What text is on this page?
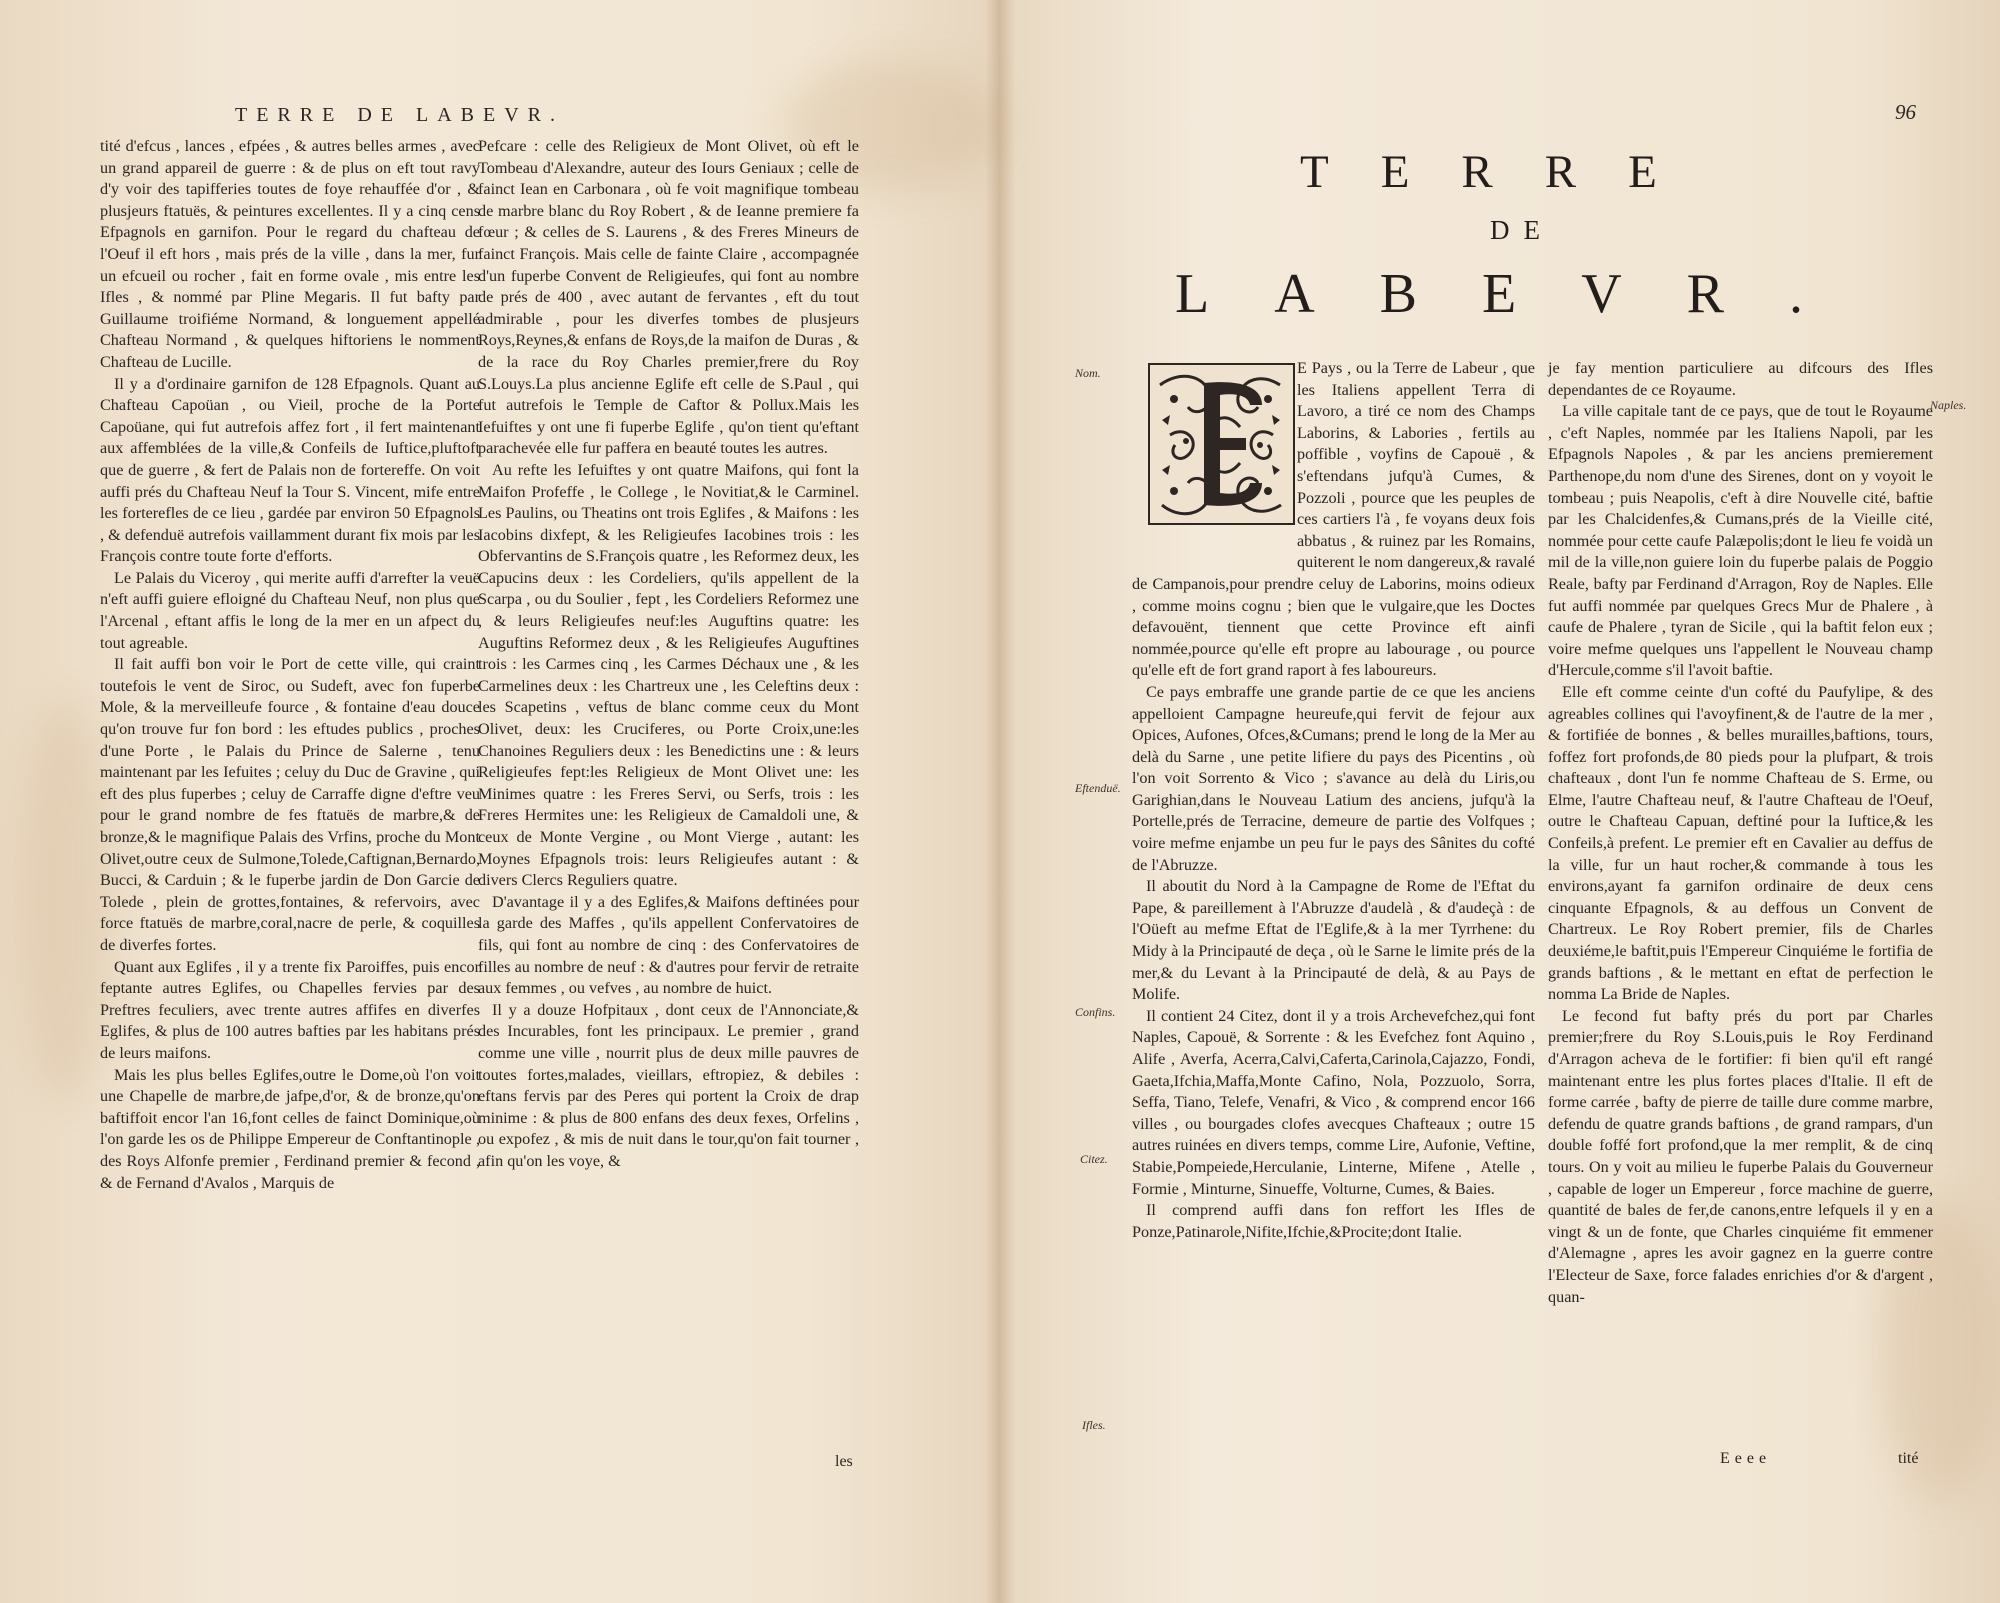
TERRE DE LABEVR.

tité d'efcus , lances , efpées , & autres belles armes , avec un grand appareil de guerre : & de plus on eft tout ravy d'y voir des tapifferies toutes de foye rehauffée d'or , & plusjeurs ftatuës, & peintures excellentes. Il y a cinq cens Efpagnols en garnifon. Pour le regard du chafteau de l'Oeuf il eft hors , mais prés de la ville , dans la mer, fur un efcueil ou rocher , fait en forme ovale , mis entre les Ifles , & nommé par Pline Megaris. Il fut bafty par Guillaume troifiéme Normand, & longuement appellé Chafteau Normand , & quelques hiftoriens le nomment Chafteau de Lucille.

Il y a d'ordinaire garnifon de 128 Efpagnols. Quant au Chafteau Capoüan , ou Vieil, proche de la Porte Capoüane, qui fut autrefois affez fort , il fert maintenant aux affemblées de la ville,& Confeils de Iuftice,pluftoft que de guerre , & fert de Palais non de fortereffe. On voit auffi prés du Chafteau Neuf la Tour S. Vincent, mife entre les forterefles de ce lieu , gardée par environ 50 Efpagnols , & defenduë autrefois vaillamment durant fix mois par les François contre toute forte d'efforts.

Le Palais du Viceroy , qui merite auffi d'arrefter la veuë n'eft auffi guiere efloigné du Chafteau Neuf, non plus que l'Arcenal , eftant affis le long de la mer en un afpect du tout agreable.

Il fait auffi bon voir le Port de cette ville, qui craint toutefois le vent de Siroc, ou Sudeft, avec fon fuperbe Mole, & la merveilleufe fource , & fontaine d'eau douce qu'on trouve fur fon bord : les eftudes publics , proches d'une Porte , le Palais du Prince de Salerne , tenu maintenant par les Iefuites ; celuy du Duc de Gravine , qui eft des plus fuperbes ; celuy de Carraffe digne d'eftre veu pour le grand nombre de fes ftatuës de marbre,& de bronze,& le magnifique Palais des Vrfins, proche du Mont Olivet,outre ceux de Sulmone,Tolede,Caftignan,Bernardo, Bucci, & Carduin ; & le fuperbe jardin de Don Garcie de Tolede , plein de grottes,fontaines, & refervoirs, avec force ftatuës de marbre,coral,nacre de perle, & coquilles de diverfes fortes.

Quant aux Eglifes , il y a trente fix Paroiffes, puis encor feptante autres Eglifes, ou Chapelles fervies par des Preftres feculiers, avec trente autres affifes en diverfes Eglifes, & plus de 100 autres bafties par les habitans prés de leurs maifons.

Mais les plus belles Eglifes,outre le Dome,où l'on voit une Chapelle de marbre,de jafpe,d'or, & de bronze,qu'on baftiffoit encor l'an 16,font celles de fainct Dominique,où l'on garde les os de Philippe Empereur de Conftantinople , des Roys Alfonfe premier , Ferdinand premier & fecond , & de Fernand d'Avalos , Marquis de

Pefcare : celle des Religieux de Mont Olivet, où eft le Tombeau d'Alexandre, auteur des Iours Geniaux ; celle de fainct Iean en Carbonara , où fe voit magnifique tombeau de marbre blanc du Roy Robert , & de Ieanne premiere fa fœur ; & celles de S. Laurens , & des Freres Mineurs de fainct François. Mais celle de fainte Claire , accompagnée d'un fuperbe Convent de Religieufes, qui font au nombre de prés de 400 , avec autant de fervantes , eft du tout admirable , pour les diverfes tombes de plusjeurs Roys,Reynes,& enfans de Roys,de la maifon de Duras , & de la race du Roy Charles premier,frere du Roy S.Louys.La plus ancienne Eglife eft celle de S.Paul , qui fut autrefois le Temple de Caftor & Pollux.Mais les Iefuiftes y ont une fi fuperbe Eglife , qu'on tient qu'eftant parachevée elle fur paffera en beauté toutes les autres.

Au refte les Iefuiftes y ont quatre Maifons, qui font la Maifon Profeffe , le College , le Novitiat,& le Carminel. Les Paulins, ou Theatins ont trois Eglifes , & Maifons : les Iacobins dixfept, & les Religieufes Iacobines trois : les Obfervantins de S.François quatre , les Reformez deux, les Capucins deux : les Cordeliers, qu'ils appellent de la Scarpa , ou du Soulier , fept , les Cordeliers Reformez une , & leurs Religieufes neuf:les Auguftins quatre: les Auguftins Reformez deux , & les Religieufes Auguftines trois : les Carmes cinq , les Carmes Déchaux une , & les Carmelines deux : les Chartreux une , les Celeftins deux : les Scapetins , veftus de blanc comme ceux du Mont Olivet, deux: les Cruciferes, ou Porte Croix,une:les Chanoines Reguliers deux : les Benedictins une : & leurs Religieufes fept:les Religieux de Mont Olivet une: les Minimes quatre : les Freres Servi, ou Serfs, trois : les Freres Hermites une: les Religieux de Camaldoli une, & ceux de Monte Vergine , ou Mont Vierge , autant: les Moynes Efpagnols trois: leurs Religieufes autant : & divers Clercs Reguliers quatre.

D'avantage il y a des Eglifes,& Maifons deftinées pour la garde des Maffes , qu'ils appellent Confervatoires de fils, qui font au nombre de cinq : des Confervatoires de filles au nombre de neuf : & d'autres pour fervir de retraite aux femmes , ou vefves , au nombre de huict.

Il y a douze Hofpitaux , dont ceux de l'Annonciate,& des Incurables, font les principaux. Le premier , grand comme une ville , nourrit plus de deux mille pauvres de toutes fortes,malades, vieillars, eftropiez, & debiles : eftans fervis par des Peres qui portent la Croix de drap minime : & plus de 800 enfans des deux fexes, Orfelins , ou expofez , & mis de nuit dans le tour,qu'on fait tourner , afin qu'on les voye, &

les
96
TERRE
DE
LABEVR.
Nom.
Naples.
Eftenduë.
Confins.
Citez.
Ifles.

E Pays , ou la Terre de Labeur , que les Italiens appellent Terra di Lavoro, a tiré ce nom des Champs Laborins, & Labories , fertils au poffible , voyfins de Capouë , & s'eftendans jufqu'à Cumes, & Pozzoli , pource que les peuples de ces cartiers l'à , fe voyans deux fois abbatus , & ruinez par les Romains, quiterent le nom dangereux,& ravalé de Campanois,pour prendre celuy de Laborins, moins odieux , comme moins cognu ; bien que le vulgaire,que les Doctes defavouënt, tiennent que cette Province eft ainfi nommée,pource qu'elle eft propre au labourage , ou pource qu'elle eft de fort grand raport à fes laboureurs.

Ce pays embraffe une grande partie de ce que les anciens appelloient Campagne heureufe,qui fervit de fejour aux Opices, Aufones, Ofces,&Cumans; prend le long de la Mer au delà du Sarne , une petite lifiere du pays des Picentins , où l'on voit Sorrento & Vico ; s'avance au delà du Liris,ou Garighian,dans le Nouveau Latium des anciens, jufqu'à la Portelle,prés de Terracine, demeure de partie des Volfques ; voire mefme enjambe un peu fur le pays des Sânites du cofté de l'Abruzze.

Il aboutit du Nord à la Campagne de Rome de l'Eftat du Pape, & pareillement à l'Abruzze d'audelà , & d'audeçà : de l'Oüeft au mefme Eftat de l'Eglife,& à la mer Tyrrhene: du Midy à la Principauté de deça , où le Sarne le limite prés de la mer,& du Levant à la Principauté de delà, & au Pays de Molife.

Il contient 24 Citez, dont il y a trois Archevefchez,qui font Naples, Capouë, & Sorrente : & les Evefchez font Aquino , Alife , Averfa, Acerra,Calvi,Caferta,Carinola,Cajazzo, Fondi, Gaeta,Ifchia,Maffa,Monte Cafino, Nola, Pozzuolo, Sorra, Seffa, Tiano, Telefe, Venafri, & Vico , & comprend encor 166 villes , ou bourgades clofes avecques Chafteaux ; outre 15 autres ruinées en divers temps, comme Lire, Aufonie, Veftine, Stabie,Pompeiede,Herculanie, Linterne, Mifene , Atelle , Formie , Minturne, Sinueffe, Volturne, Cumes, & Baies.

Il comprend auffi dans fon reffort les Ifles de Ponze,Patinarole,Nifite,Ifchie,&Procite;dont Italie.

je fay mention particuliere au difcours des Ifles dependantes de ce Royaume.

La ville capitale tant de ce pays, que de tout le Royaume , c'eft Naples, nommée par les Italiens Napoli, par les Efpagnols Napoles , & par les anciens premierement Parthenope,du nom d'une des Sirenes, dont on y voyoit le tombeau ; puis Neapolis, c'eft à dire Nouvelle cité, baftie par les Chalcidenfes,& Cumans,prés de la Vieille cité, nommée pour cette caufe Palæpolis;dont le lieu fe voidà un mil de la ville,non guiere loin du fuperbe palais de Poggio Reale, bafty par Ferdinand d'Arragon, Roy de Naples. Elle fut auffi nommée par quelques Grecs Mur de Phalere , à caufe de Phalere , tyran de Sicile , qui la baftit felon eux ; voire mefme quelques uns l'appellent le Nouveau champ d'Hercule,comme s'il l'avoit baftie.

Elle eft comme ceinte d'un cofté du Paufylipe, & des agreables collines qui l'avoyfinent,& de l'autre de la mer , & fortifiée de bonnes , & belles murailles,baftions, tours, foffez fort profonds,de 80 pieds pour la plufpart, & trois chafteaux , dont l'un fe nomme Chafteau de S. Erme, ou Elme, l'autre Chafteau neuf, & l'autre Chafteau de l'Oeuf, outre le Chafteau Capuan, deftiné pour la Iuftice,& les Confeils,à prefent. Le premier eft en Cavalier au deffus de la ville, fur un haut rocher,& commande à tous les environs,ayant fa garnifon ordinaire de deux cens cinquante Efpagnols, & au deffous un Convent de Chartreux. Le Roy Robert premier, fils de Charles deuxiéme,le baftit,puis l'Empereur Cinquiéme le fortifia de grands baftions , & le mettant en eftat de perfection le nomma La Bride de Naples.

Le fecond fut bafty prés du port par Charles premier;frere du Roy S.Louis,puis le Roy Ferdinand d'Arragon acheva de le fortifier: fi bien qu'il eft rangé maintenant entre les plus fortes places d'Italie. Il eft de forme carrée , bafty de pierre de taille dure comme marbre, defendu de quatre grands baftions , de grand rampars, d'un double foffé fort profond,que la mer remplit, & de cinq tours. On y voit au milieu le fuperbe Palais du Gouverneur , capable de loger un Empereur , force machine de guerre, quantité de bales de fer,de canons,entre lefquels il y en a vingt & un de fonte, que Charles cinquiéme fit emmener d'Alemagne , apres les avoir gagnez en la guerre contre l'Electeur de Saxe, force falades enrichies d'or & d'argent , quan-

Eeee	tité
